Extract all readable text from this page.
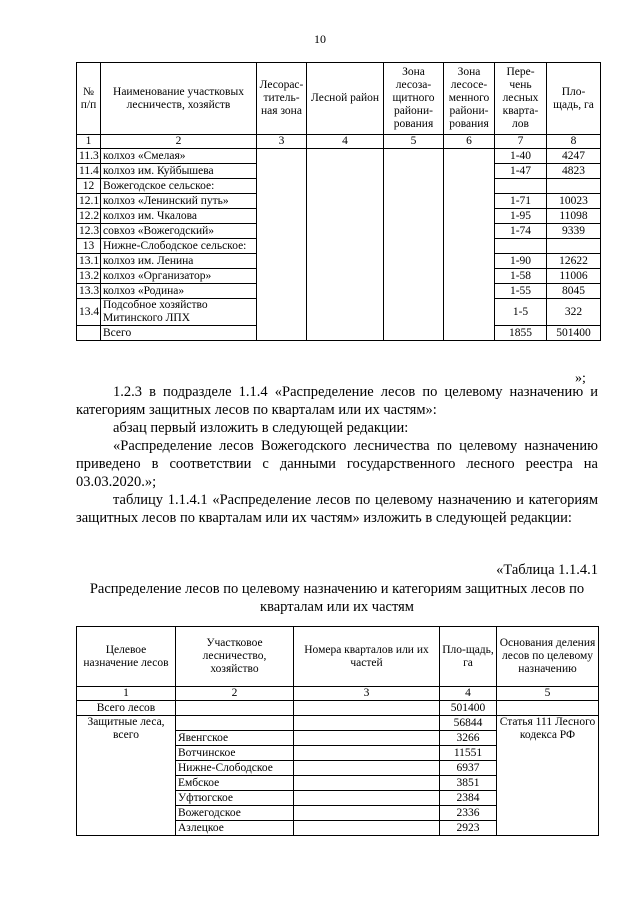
10
№ п/п	Наименование участковых лесничеств, хозяйств	Лесорас-титель-ная зона	Лесной район	Зона лесоза-щитного райони-рования	Зона лесосе-менного райони-рования	Пере-чень лесных кварта-лов	Пло-щадь, га
1	2	3	4	5	6	7	8
11.3	колхоз «Смелая»					1-40	4247
11.4	колхоз им. Куйбышева					1-47	4823
12	Вожегодское сельское:						
12.1	колхоз «Ленинский путь»					1-71	10023
12.2	колхоз им. Чкалова					1-95	11098
12.3	совхоз «Вожегодский»					1-74	9339
13	Нижне-Слободское сельское:						
13.1	колхоз им. Ленина					1-90	12622
13.2	колхоз «Организатор»					1-58	11006
13.3	колхоз «Родина»					1-55	8045
13.4	Подсобное хозяйство Митинского ЛПХ					1-5	322
	Всего					1855	501400
»;
1.2.3 в подразделе 1.1.4 «Распределение лесов по целевому назначению и категориям защитных лесов по кварталам или их частям»:
абзац первый изложить в следующей редакции:
«Распределение лесов Вожегодского лесничества по целевому назначению приведено в соответствии с данными государственного лесного реестра на 03.03.2020.»;
таблицу 1.1.4.1 «Распределение лесов по целевому назначению и категориям защитных лесов по кварталам или их частям» изложить в следующей редакции:
«Таблица 1.1.4.1
Распределение лесов по целевому назначению и категориям защитных лесов по кварталам или их частям
Целевое назначение лесов	Участковое лесничество, хозяйство	Номера кварталов или их частей	Пло-щадь, га	Основания деления лесов по целевому назначению
1	2	3	4	5
Всего лесов			501400	
Защитные леса, всего			56844	Статья 111 Лесного кодекса РФ
	Явенгское		3266	
	Вотчинское		11551	
	Нижне-Слободское		6937	
	Ембское		3851	
	Уфтюгское		2384	
	Вожегодское		2336	
	Азлецкое		2923	
